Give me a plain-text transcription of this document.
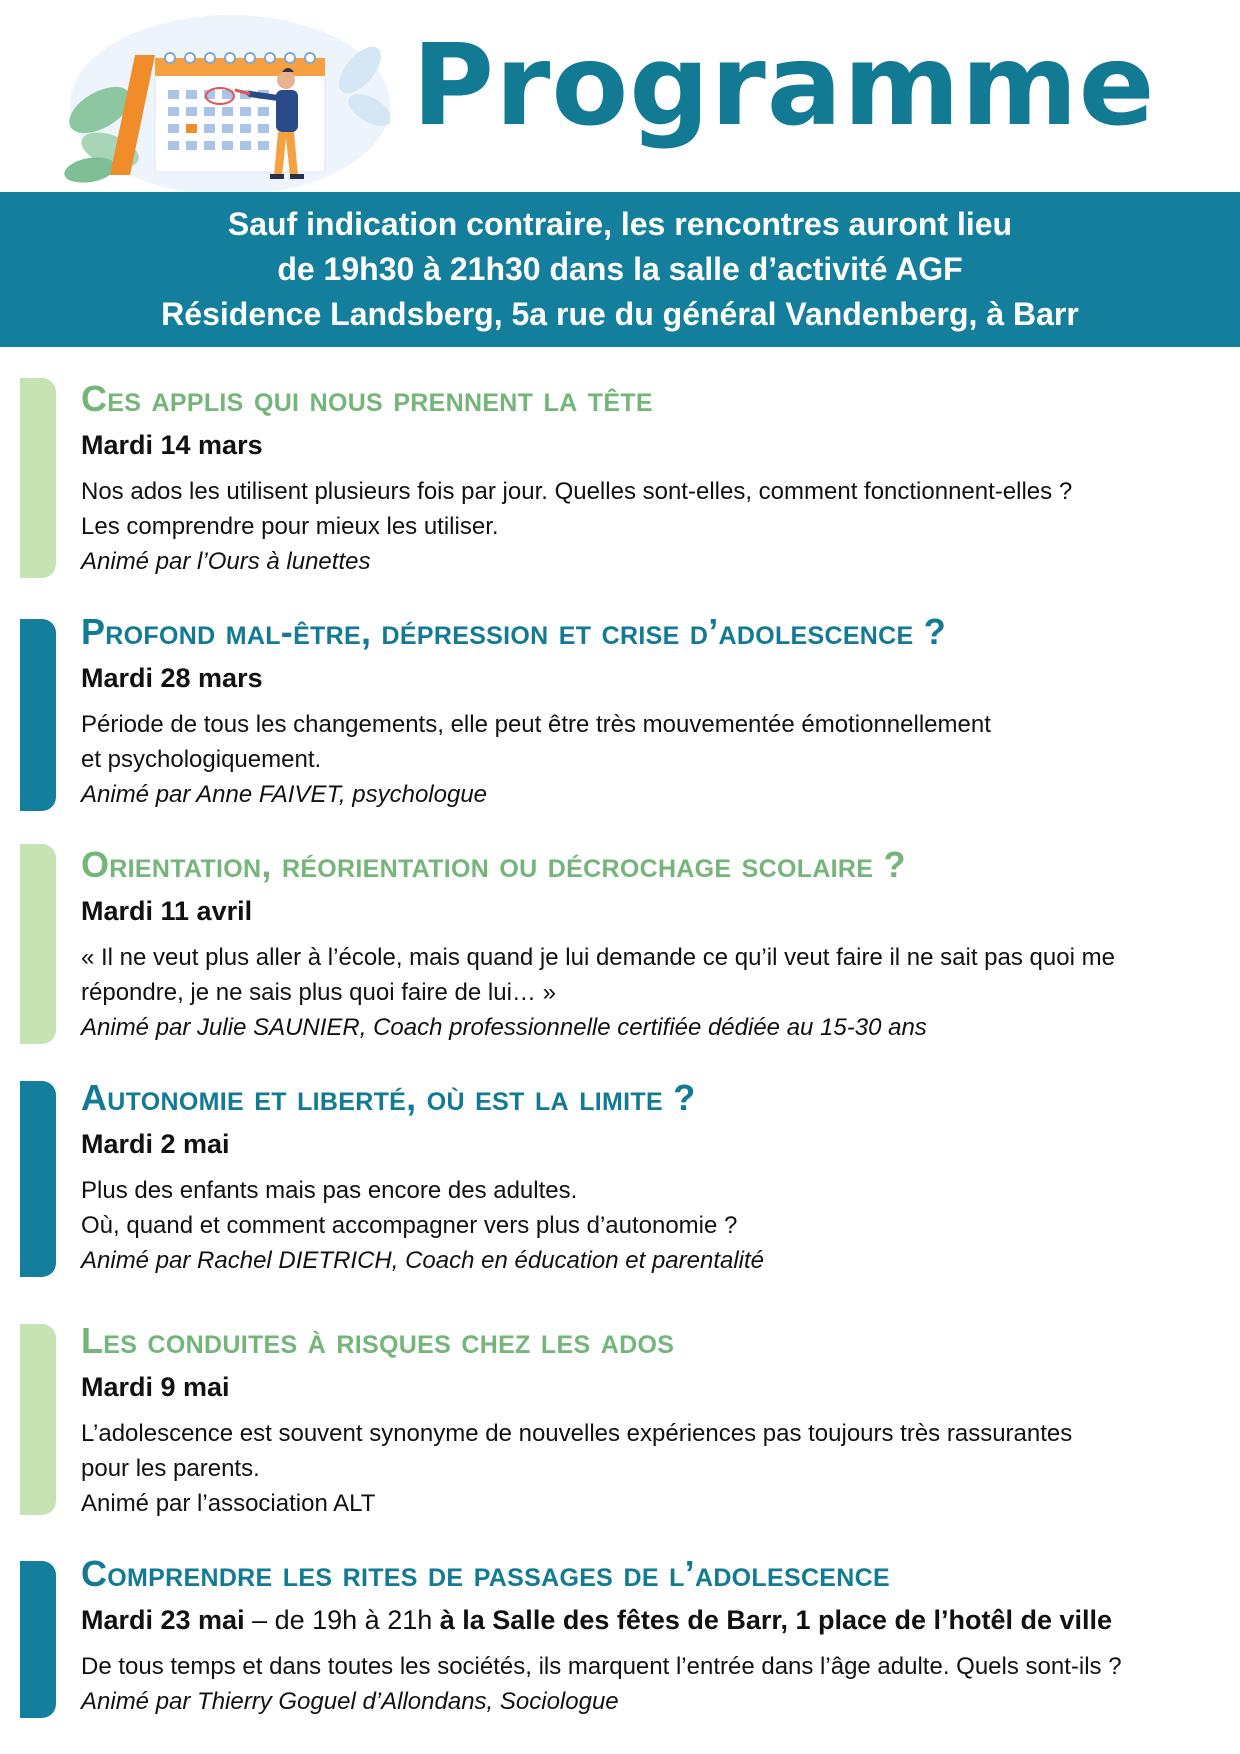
Programme
Sauf indication contraire, les rencontres auront lieu
de 19h30 à 21h30 dans la salle d’activité AGF
Résidence Landsberg, 5a rue du général Vandenberg, à Barr
Ces applis qui nous prennent la tête
Mardi 14 mars

Nos ados les utilisent plusieurs fois par jour. Quelles sont-elles, comment fonctionnent-elles ?

Les comprendre pour mieux les utiliser.

Animé par l’Ours à lunettes
Profond mal-être, dépression et crise d’adolescence ?
Mardi 28 mars

Période de tous les changements, elle peut être très mouvementée émotionnellement

et psychologiquement.

Animé par Anne FAIVET, psychologue
Orientation, réorientation ou décrochage scolaire ?
Mardi 11 avril

« Il ne veut plus aller à l’école, mais quand je lui demande ce qu’il veut faire il ne sait pas quoi me

répondre, je ne sais plus quoi faire de lui… »

Animé par Julie SAUNIER, Coach professionnelle certifiée dédiée au 15-30 ans
Autonomie et liberté, où est la limite ?
Mardi 2 mai

Plus des enfants mais pas encore des adultes.

Où, quand et comment accompagner vers plus d’autonomie ?

Animé par Rachel DIETRICH, Coach en éducation et parentalité
Les conduites à risques chez les ados
Mardi 9 mai

L’adolescence est souvent synonyme de nouvelles expériences pas toujours très rassurantes

pour les parents.

Animé par l’association ALT
Comprendre les rites de passages de l’adolescence
Mardi 23 mai – de 19h à 21h à la Salle des fêtes de Barr, 1 place de l’hotêl de ville

De tous temps et dans toutes les sociétés, ils marquent l’entrée dans l’âge adulte. Quels sont-ils ?

Animé par Thierry Goguel d’Allondans, Sociologue
